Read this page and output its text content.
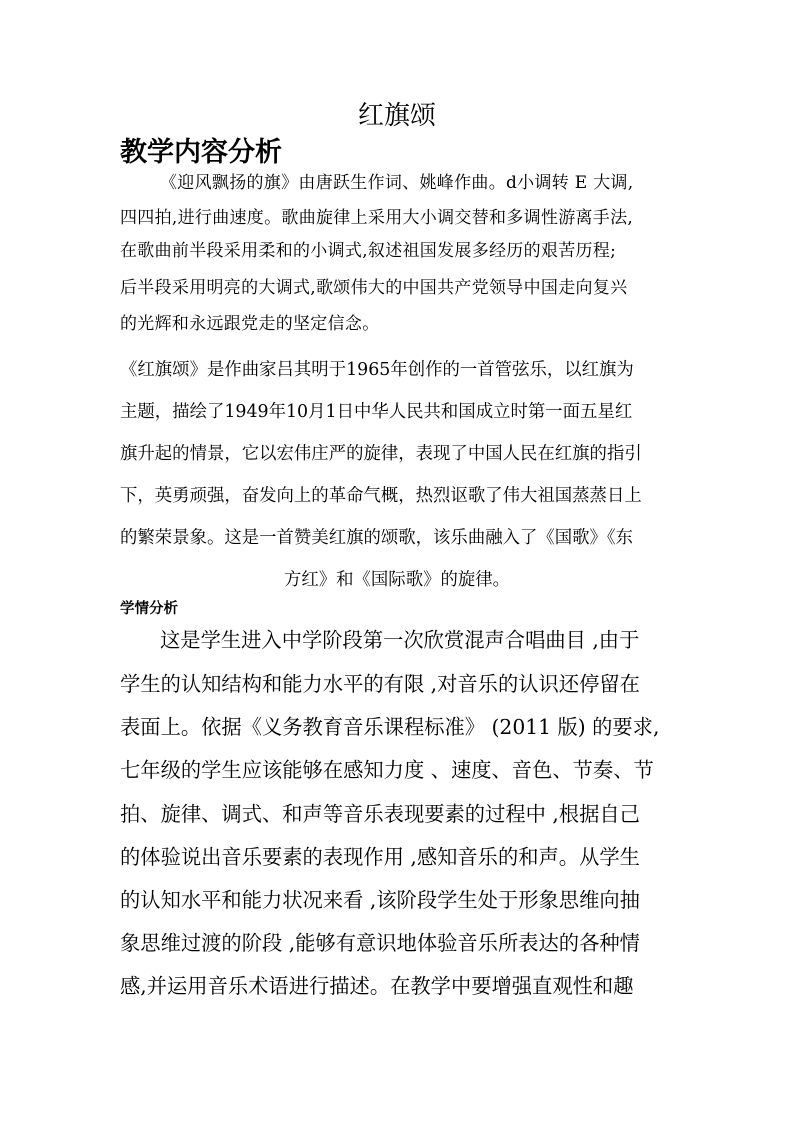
红旗颂
教学内容分析
《迎风飘扬的旗》由唐跃生作词、姚峰作曲。d小调转 E 大调,
四四拍,进行曲速度。歌曲旋律上采用大小调交替和多调性游离手法,
在歌曲前半段采用柔和的小调式,叙述祖国发展多经历的艰苦历程;
后半段采用明亮的大调式,歌颂伟大的中国共产党领导中国走向复兴
的光辉和永远跟党走的坚定信念。
《红旗颂》是作曲家吕其明于1965年创作的一首管弦乐，以红旗为
主题，描绘了1949年10月1日中华人民共和国成立时第一面五星红
旗升起的情景，它以宏伟庄严的旋律，表现了中国人民在红旗的指引
下，英勇顽强，奋发向上的革命气概，热烈讴歌了伟大祖国蒸蒸日上
的繁荣景象。这是一首赞美红旗的颂歌，该乐曲融入了《国歌》《东
方红》和《国际歌》的旋律。
学情分析
这是学生进入中学阶段第一次欣赏混声合唱曲目 ,由于
学生的认知结构和能力水平的有限 ,对音乐的认识还停留在
表面上。依据《义务教育音乐课程标准》 (2011 版) 的要求,
七年级的学生应该能够在感知力度 、速度、音色、节奏、节
拍、旋律、调式、和声等音乐表现要素的过程中 ,根据自己
的体验说出音乐要素的表现作用 ,感知音乐的和声。从学生
的认知水平和能力状况来看 ,该阶段学生处于形象思维向抽
象思维过渡的阶段 ,能够有意识地体验音乐所表达的各种情
感,并运用音乐术语进行描述。在教学中要增强直观性和趣
